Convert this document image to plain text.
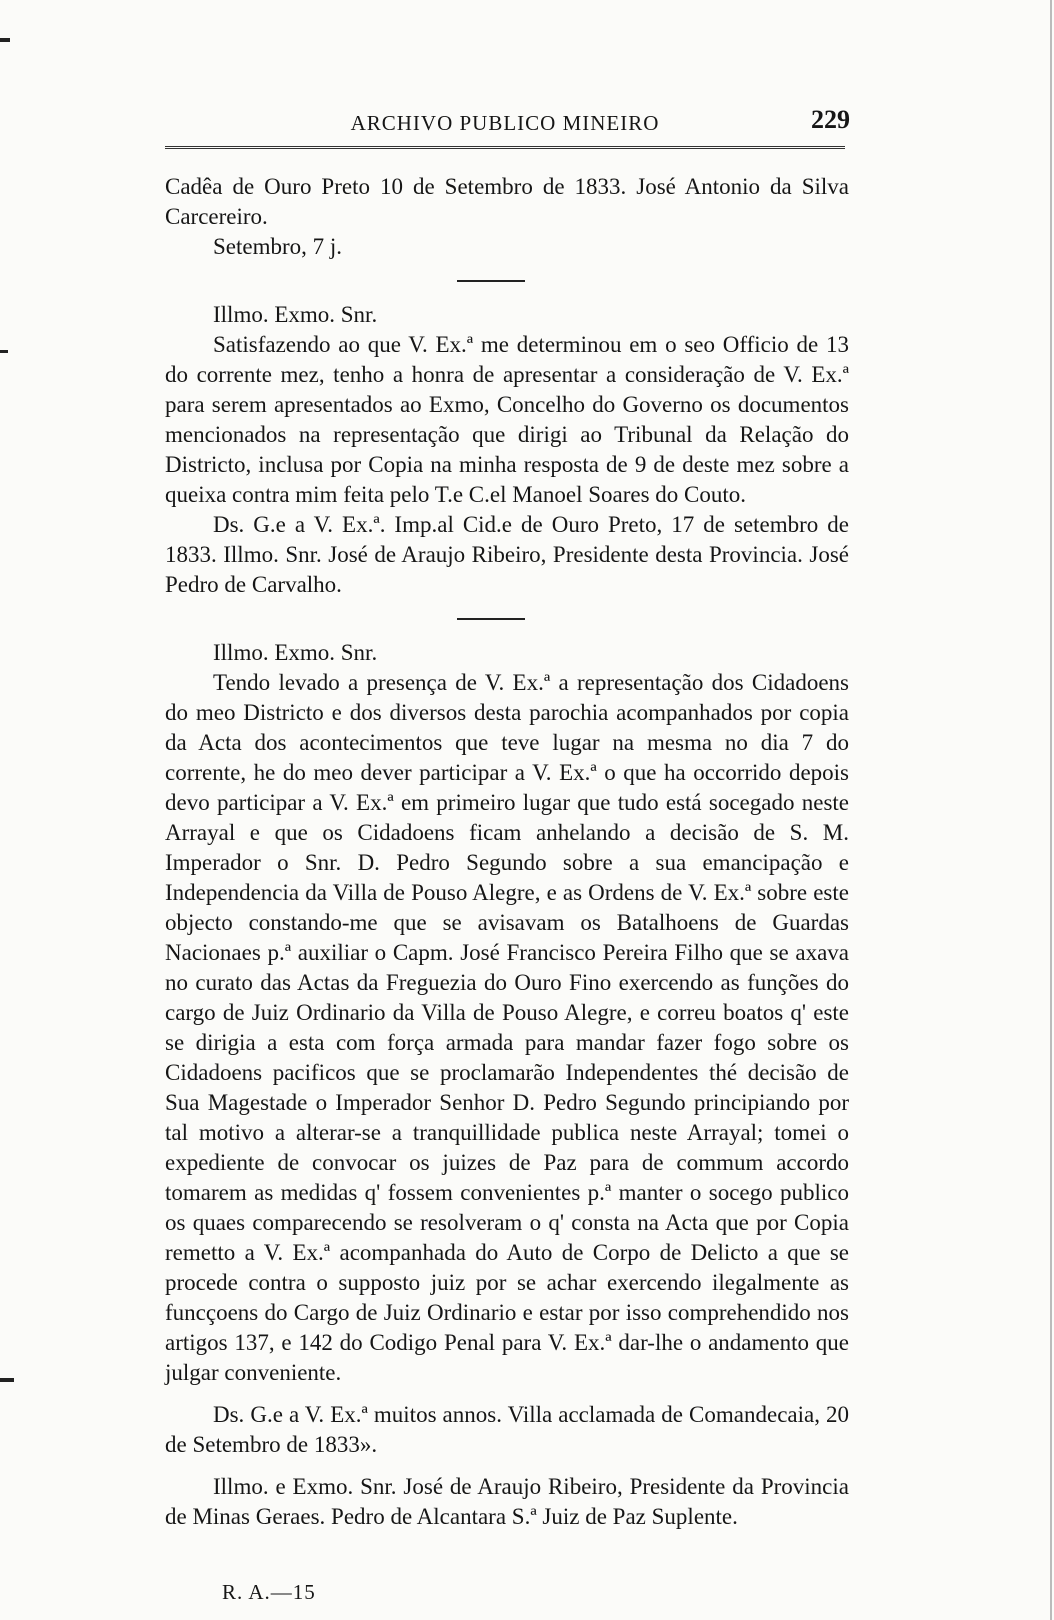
ARCHIVO PUBLICO MINEIRO	229

Cadêa de Ouro Preto 10 de Setembro de 1833. José Antonio da Silva Carcereiro.

Setembro, 7 j.

Illmo. Exmo. Snr.

Satisfazendo ao que V. Ex.ª me determinou em o seo Officio de 13 do corrente mez, tenho a honra de apresentar a consideração de V. Ex.ª para serem apresentados ao Exmo, Concelho do Governo os documentos mencionados na representação que dirigi ao Tribunal da Relação do Districto, inclusa por Copia na minha resposta de 9 de deste mez sobre a queixa contra mim feita pelo T.e C.el Manoel Soares do Couto.

Ds. G.e a V. Ex.ª. Imp.al Cid.e de Ouro Preto, 17 de setembro de 1833. Illmo. Snr. José de Araujo Ribeiro, Presidente desta Provincia. José Pedro de Carvalho.

Illmo. Exmo. Snr.

Tendo levado a presença de V. Ex.ª a representação dos Cidadoens do meo Districto e dos diversos desta parochia acompanhados por copia da Acta dos acontecimentos que teve lugar na mesma no dia 7 do corrente, he do meo dever participar a V. Ex.ª o que ha occorrido depois devo participar a V. Ex.ª em primeiro lugar que tudo está socegado neste Arrayal e que os Cidadoens ficam anhelando a decisão de S. M. Imperador o Snr. D. Pedro Segundo sobre a sua emancipação e Independencia da Villa de Pouso Alegre, e as Ordens de V. Ex.ª sobre este objecto constando-me que se avisavam os Batalhoens de Guardas Nacionaes p.ª auxiliar o Capm. José Francisco Pereira Filho que se axava no curato das Actas da Freguezia do Ouro Fino exercendo as funções do cargo de Juiz Ordinario da Villa de Pouso Alegre, e correu boatos q' este se dirigia a esta com força armada para mandar fazer fogo sobre os Cidadoens pacificos que se proclamarão Independentes thé decisão de Sua Magestade o Imperador Senhor D. Pedro Segundo principiando por tal motivo a alterar-se a tranquillidade publica neste Arrayal; tomei o expediente de convocar os juizes de Paz para de commum accordo tomarem as medidas q' fossem convenientes p.ª manter o socego publico os quaes comparecendo se resolveram o q' consta na Acta que por Copia remetto a V. Ex.ª acompanhada do Auto de Corpo de Delicto a que se procede contra o supposto juiz por se achar exercendo ilegalmente as funcçoens do Cargo de Juiz Ordinario e estar por isso comprehendido nos artigos 137, e 142 do Codigo Penal para V. Ex.ª dar-lhe o andamento que julgar conveniente.

Ds. G.e a V. Ex.ª muitos annos. Villa acclamada de Comandecaia, 20 de Setembro de 1833».

Illmo. e Exmo. Snr. José de Araujo Ribeiro, Presidente da Provincia de Minas Geraes. Pedro de Alcantara S.ª Juiz de Paz Suplente.

R. A.—15
